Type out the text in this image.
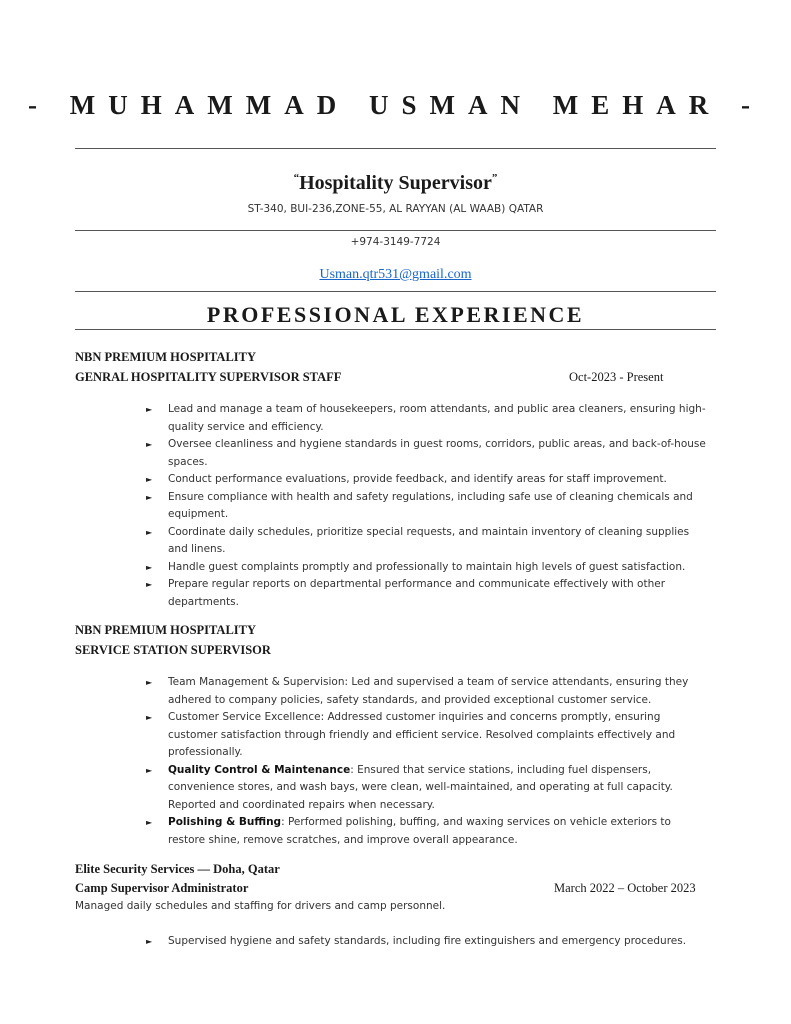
- MUHAMMAD USMAN MEHAR -
“Hospitality Supervisor”
ST-340, BUI-236,ZONE-55, AL RAYYAN (AL WAAB) QATAR
+974-3149-7724
Usman.qtr531@gmail.com
PROFESSIONAL EXPERIENCE
NBN PREMIUM HOSPITALITY
GENRAL HOSPITALITY SUPERVISOR STAFF	Oct-2023 - Present
► Lead and manage a team of housekeepers, room attendants, and public area cleaners, ensuring high-quality service and efficiency.
► Oversee cleanliness and hygiene standards in guest rooms, corridors, public areas, and back-of-house spaces.
► Conduct performance evaluations, provide feedback, and identify areas for staff improvement.
► Ensure compliance with health and safety regulations, including safe use of cleaning chemicals and equipment.
► Coordinate daily schedules, prioritize special requests, and maintain inventory of cleaning supplies and linens.
► Handle guest complaints promptly and professionally to maintain high levels of guest satisfaction.
► Prepare regular reports on departmental performance and communicate effectively with other departments.
NBN PREMIUM HOSPITALITY
SERVICE STATION SUPERVISOR
► Team Management & Supervision: Led and supervised a team of service attendants, ensuring they adhered to company policies, safety standards, and provided exceptional customer service.
► Customer Service Excellence: Addressed customer inquiries and concerns promptly, ensuring customer satisfaction through friendly and efficient service. Resolved complaints effectively and professionally.
► Quality Control & Maintenance: Ensured that service stations, including fuel dispensers, convenience stores, and wash bays, were clean, well-maintained, and operating at full capacity. Reported and coordinated repairs when necessary.
► Polishing & Buffing: Performed polishing, buffing, and waxing services on vehicle exteriors to restore shine, remove scratches, and improve overall appearance.
Elite Security Services — Doha, Qatar
Camp Supervisor Administrator	March 2022 – October 2023
Managed daily schedules and staffing for drivers and camp personnel.
► Supervised hygiene and safety standards, including fire extinguishers and emergency procedures.
